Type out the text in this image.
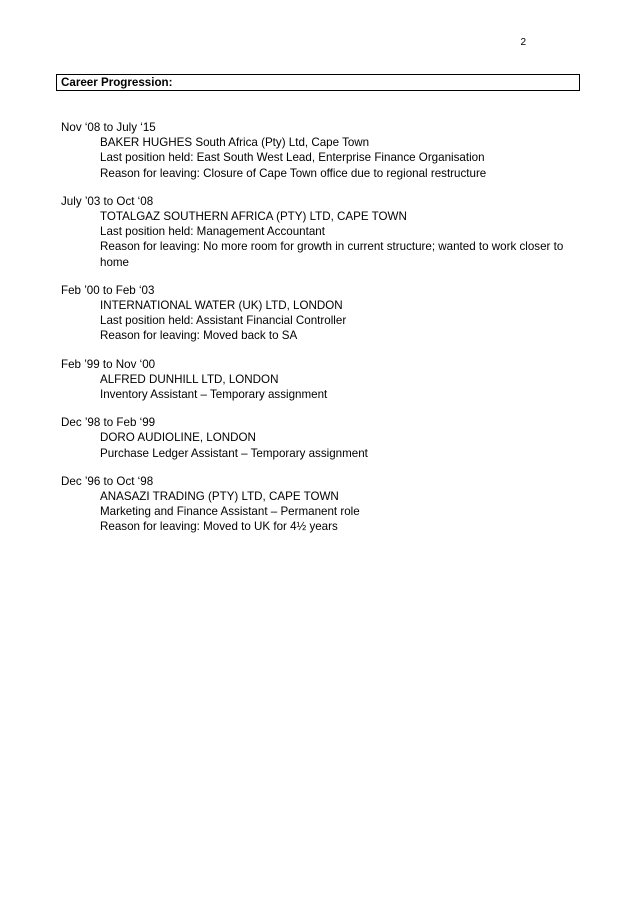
2
Career Progression:
Nov ‘08 to July ‘15
BAKER HUGHES South Africa (Pty) Ltd, Cape Town
Last position held: East South West Lead, Enterprise Finance Organisation
Reason for leaving: Closure of Cape Town office due to regional restructure
July ’03 to Oct ‘08
TOTALGAZ SOUTHERN AFRICA (PTY) LTD, CAPE TOWN
Last position held: Management Accountant
Reason for leaving: No more room for growth in current structure; wanted to work closer to home
Feb ’00 to Feb ‘03
INTERNATIONAL WATER (UK) LTD, LONDON
Last position held: Assistant Financial Controller
Reason for leaving: Moved back to SA
Feb ’99 to Nov ‘00
ALFRED DUNHILL LTD, LONDON
Inventory Assistant – Temporary assignment
Dec ’98 to Feb ‘99
DORO AUDIOLINE, LONDON
Purchase Ledger Assistant – Temporary assignment
Dec ’96 to Oct ‘98
ANASAZI TRADING (PTY) LTD, CAPE TOWN
Marketing and Finance Assistant – Permanent role
Reason for leaving: Moved to UK for 4½ years
